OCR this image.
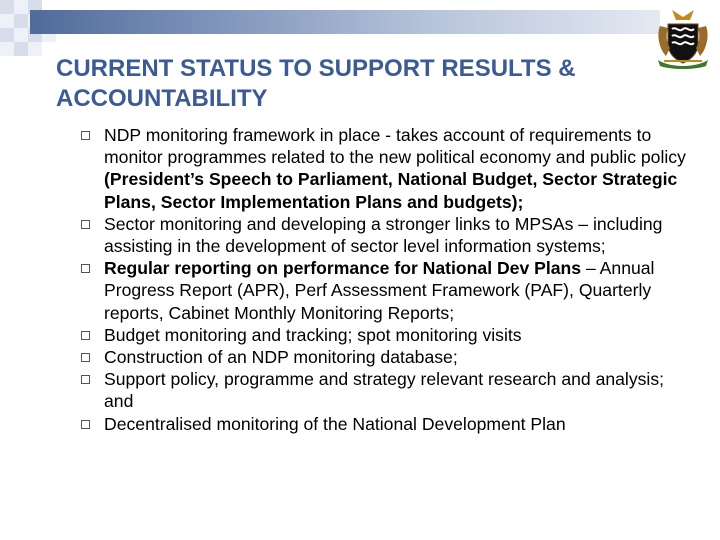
CURRENT STATUS TO SUPPORT RESULTS &
ACCOUNTABILITY
NDP monitoring framework in place - takes account of requirements to monitor programmes related to the new political economy and public policy (President’s Speech to Parliament, National Budget, Sector Strategic Plans, Sector Implementation Plans and budgets);
Sector monitoring and developing a stronger links to MPSAs – including assisting in the development of sector level information systems;
Regular reporting on performance for National Dev Plans – Annual Progress Report (APR), Perf Assessment Framework (PAF), Quarterly reports, Cabinet Monthly Monitoring Reports;
Budget monitoring and tracking; spot monitoring visits
Construction of an NDP monitoring database;
Support policy, programme and strategy relevant research and analysis; and
Decentralised monitoring of the National Development Plan
